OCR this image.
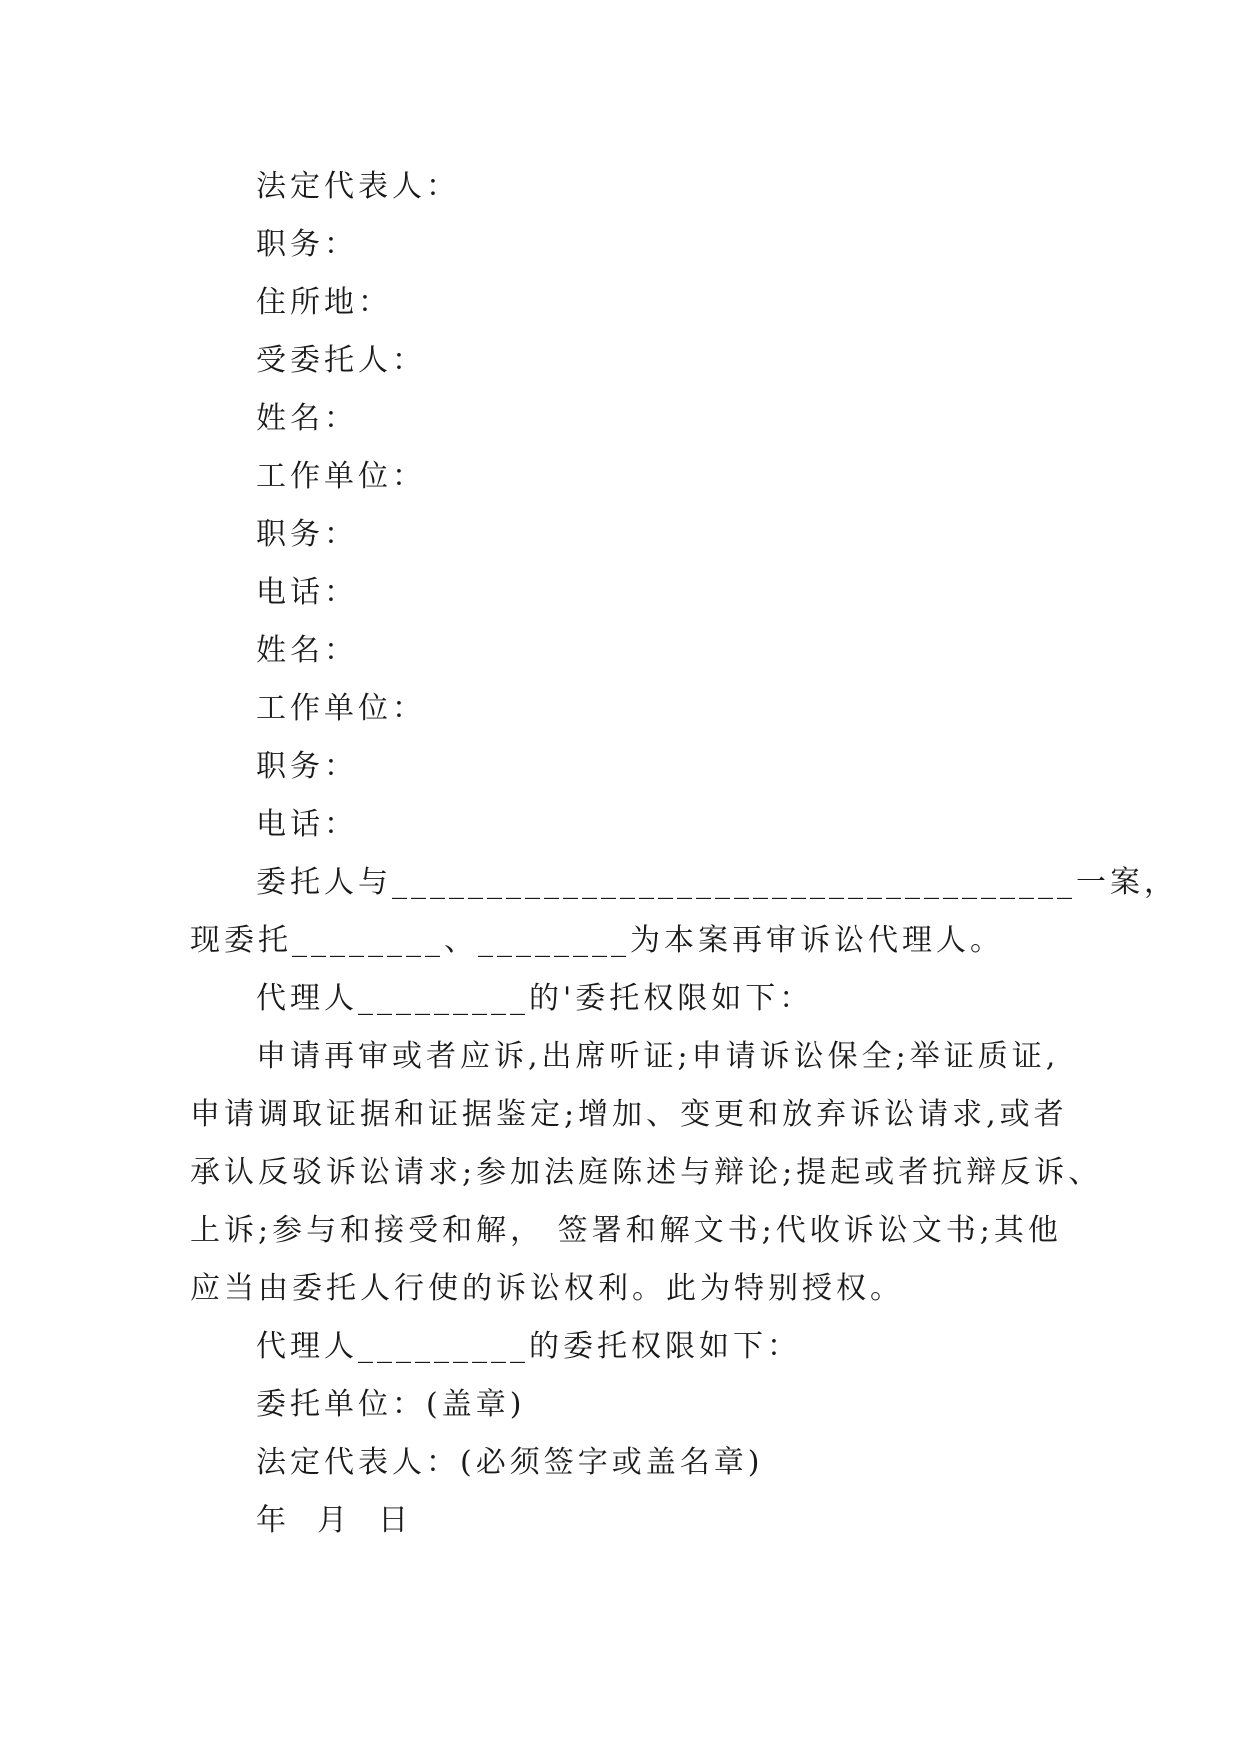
法定代表人：
职务：
住所地：
受委托人：
姓名：
工作单位：
职务：
电话：
姓名：
工作单位：
职务：
电话：
委托人与____________________________________一案，
现委托________、________为本案再审诉讼代理人。
代理人_________的'委托权限如下：
申请再审或者应诉,出席听证;申请诉讼保全;举证质证,
申请调取证据和证据鉴定;增加、变更和放弃诉讼请求,或者
承认反驳诉讼请求;参加法庭陈述与辩论;提起或者抗辩反诉、
上诉;参与和接受和解， 签署和解文书;代收诉讼文书;其他
应当由委托人行使的诉讼权利。此为特别授权。
代理人_________的委托权限如下：
委托单位：(盖章)
法定代表人：(必须签字或盖名章)
年  月  日
